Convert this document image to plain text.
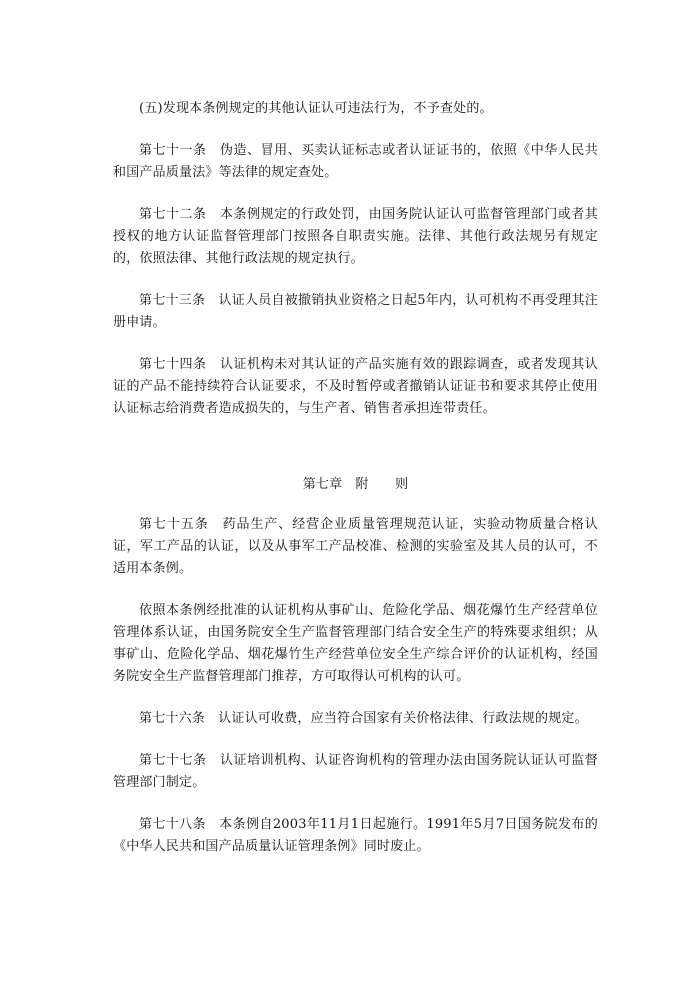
(五)发现本条例规定的其他认证认可违法行为，不予查处的。

第七十一条　伪造、冒用、买卖认证标志或者认证证书的，依照《中华人民共和国产品质量法》等法律的规定查处。

第七十二条　本条例规定的行政处罚，由国务院认证认可监督管理部门或者其授权的地方认证监督管理部门按照各自职责实施。法律、其他行政法规另有规定的，依照法律、其他行政法规的规定执行。

第七十三条　认证人员自被撤销执业资格之日起5年内，认可机构不再受理其注册申请。

第七十四条　认证机构未对其认证的产品实施有效的跟踪调查，或者发现其认证的产品不能持续符合认证要求，不及时暂停或者撤销认证证书和要求其停止使用认证标志给消费者造成损失的，与生产者、销售者承担连带责任。

第七章　附　　则

第七十五条　药品生产、经营企业质量管理规范认证，实验动物质量合格认证，军工产品的认证，以及从事军工产品校准、检测的实验室及其人员的认可，不适用本条例。

依照本条例经批准的认证机构从事矿山、危险化学品、烟花爆竹生产经营单位管理体系认证，由国务院安全生产监督管理部门结合安全生产的特殊要求组织；从事矿山、危险化学品、烟花爆竹生产经营单位安全生产综合评价的认证机构，经国务院安全生产监督管理部门推荐，方可取得认可机构的认可。

第七十六条　认证认可收费，应当符合国家有关价格法律、行政法规的规定。

第七十七条　认证培训机构、认证咨询机构的管理办法由国务院认证认可监督管理部门制定。

第七十八条　本条例自2003年11月1日起施行。1991年5月7日国务院发布的《中华人民共和国产品质量认证管理条例》同时废止。
